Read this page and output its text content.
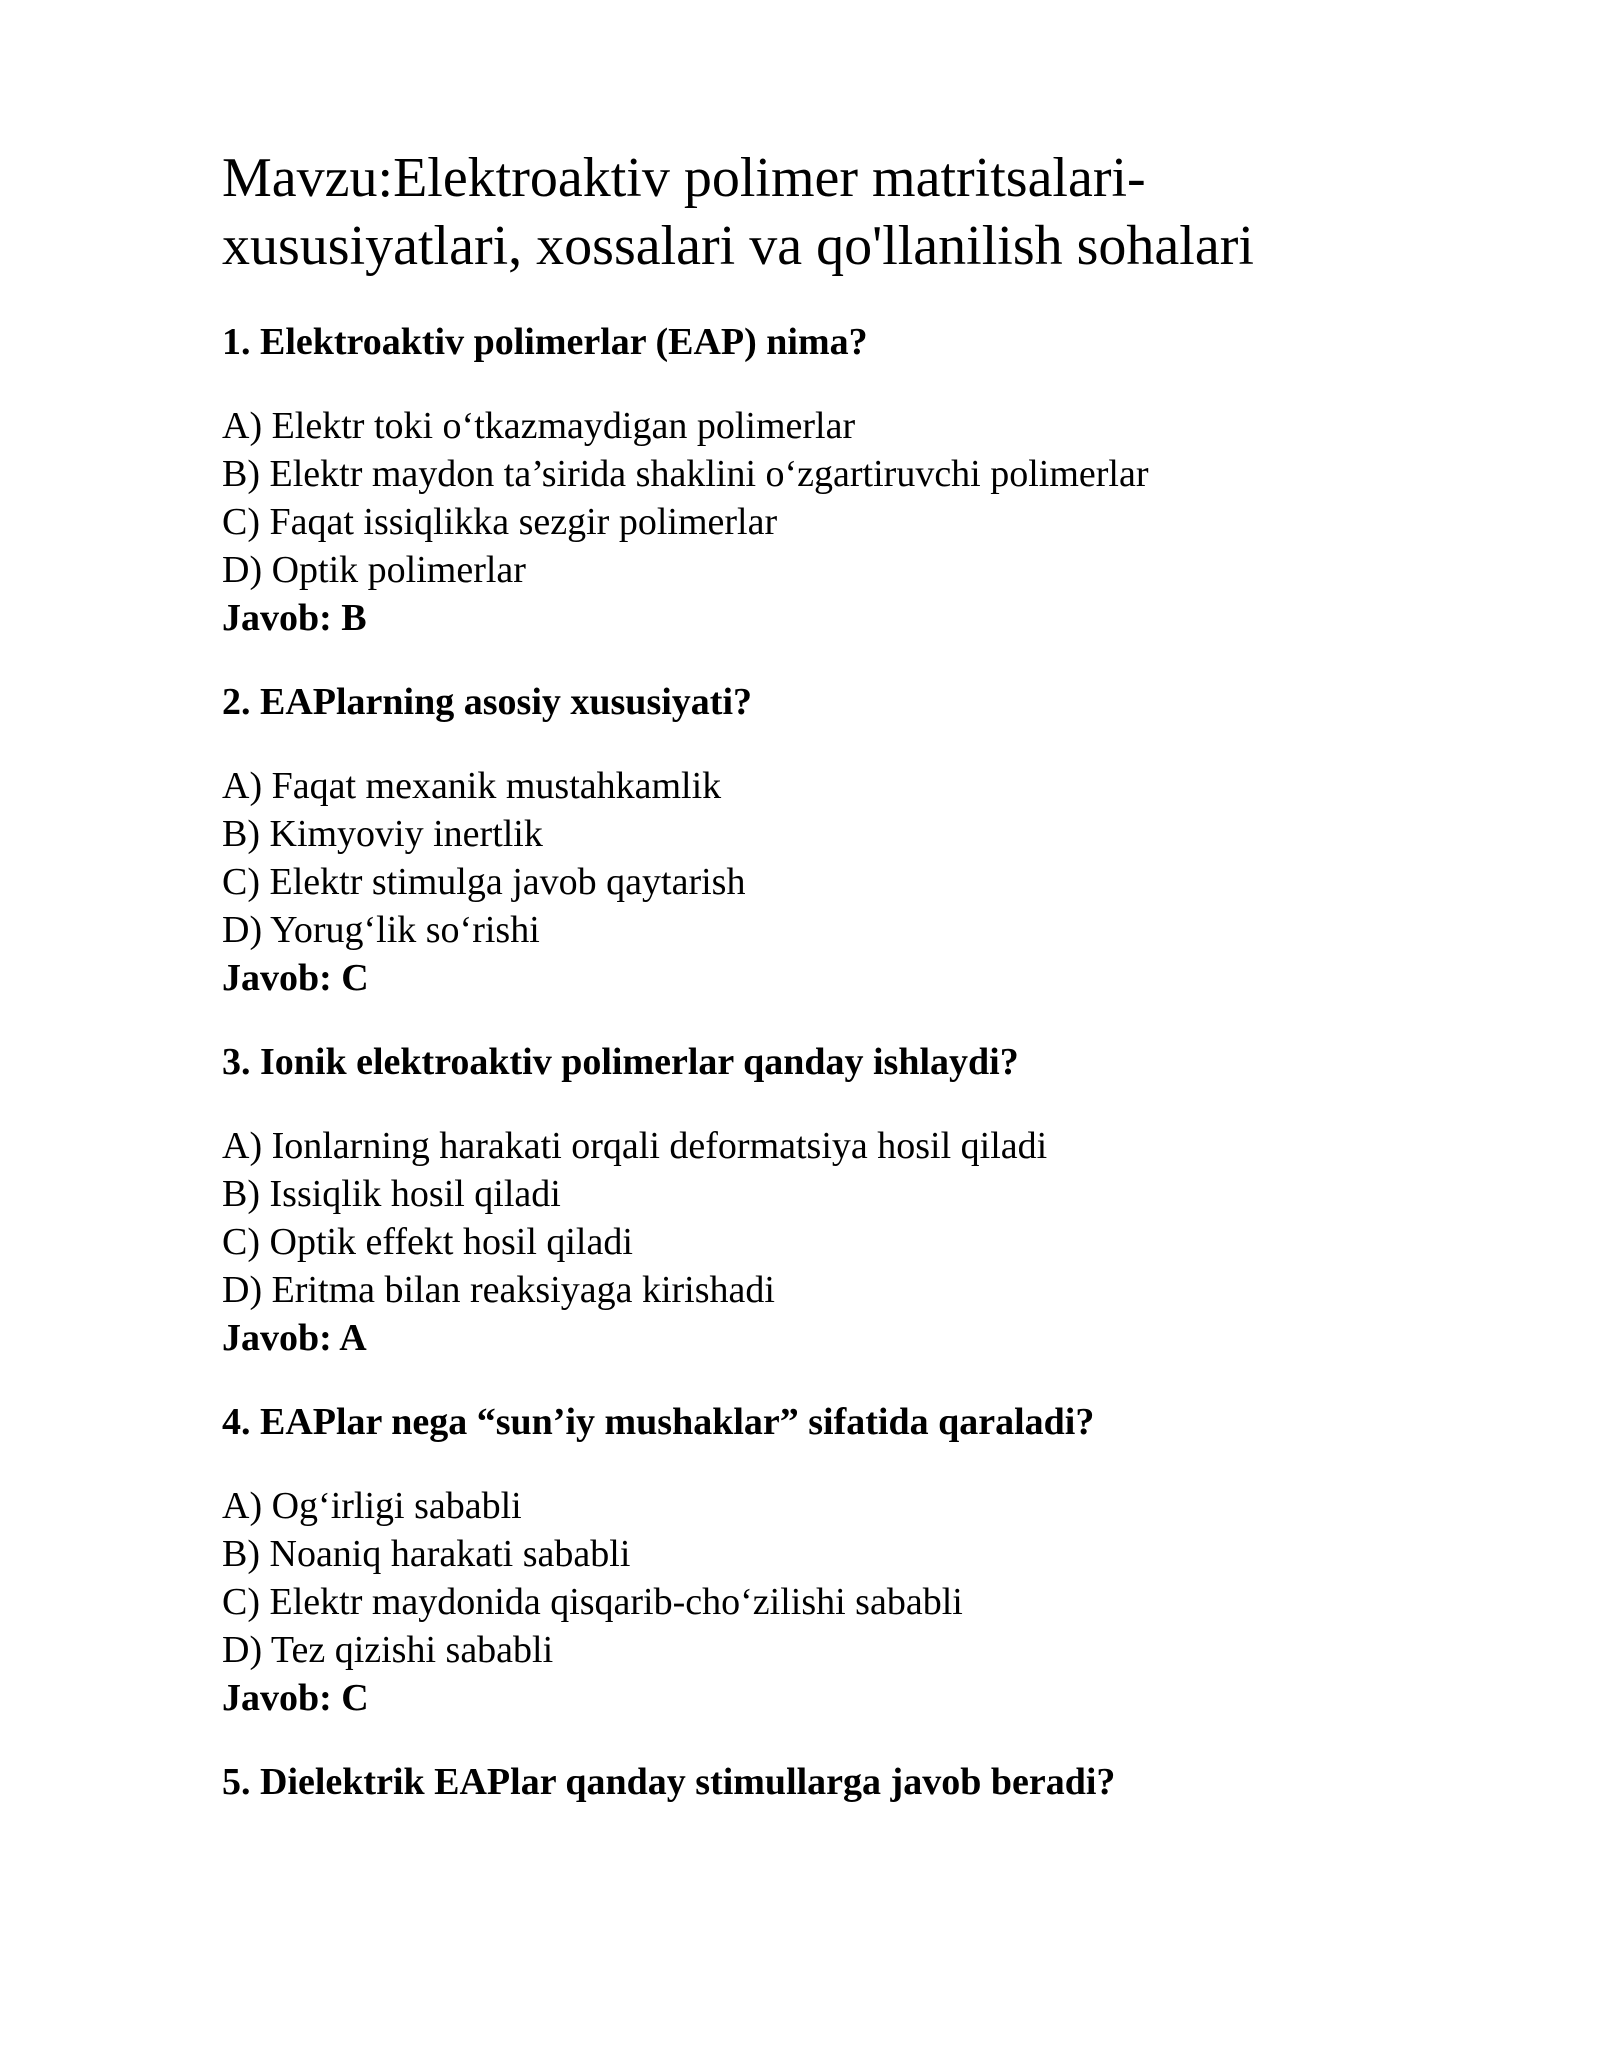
Mavzu:Elektroaktiv polimer matritsalari-
xususiyatlari, xossalari va qo'llanilish sohalari

1. Elektroaktiv polimerlar (EAP) nima?

A) Elektr toki o‘tkazmaydigan polimerlar
B) Elektr maydon ta’sirida shaklini o‘zgartiruvchi polimerlar
C) Faqat issiqlikka sezgir polimerlar
D) Optik polimerlar
Javob: B

2. EAPlarning asosiy xususiyati?

A) Faqat mexanik mustahkamlik
B) Kimyoviy inertlik
C) Elektr stimulga javob qaytarish
D) Yorug‘lik so‘rishi
Javob: C

3. Ionik elektroaktiv polimerlar qanday ishlaydi?

A) Ionlarning harakati orqali deformatsiya hosil qiladi
B) Issiqlik hosil qiladi
C) Optik effekt hosil qiladi
D) Eritma bilan reaksiyaga kirishadi
Javob: A

4. EAPlar nega “sun’iy mushaklar” sifatida qaraladi?

A) Og‘irligi sababli
B) Noaniq harakati sababli
C) Elektr maydonida qisqarib-cho‘zilishi sababli
D) Tez qizishi sababli
Javob: C

5. Dielektrik EAPlar qanday stimullarga javob beradi?
